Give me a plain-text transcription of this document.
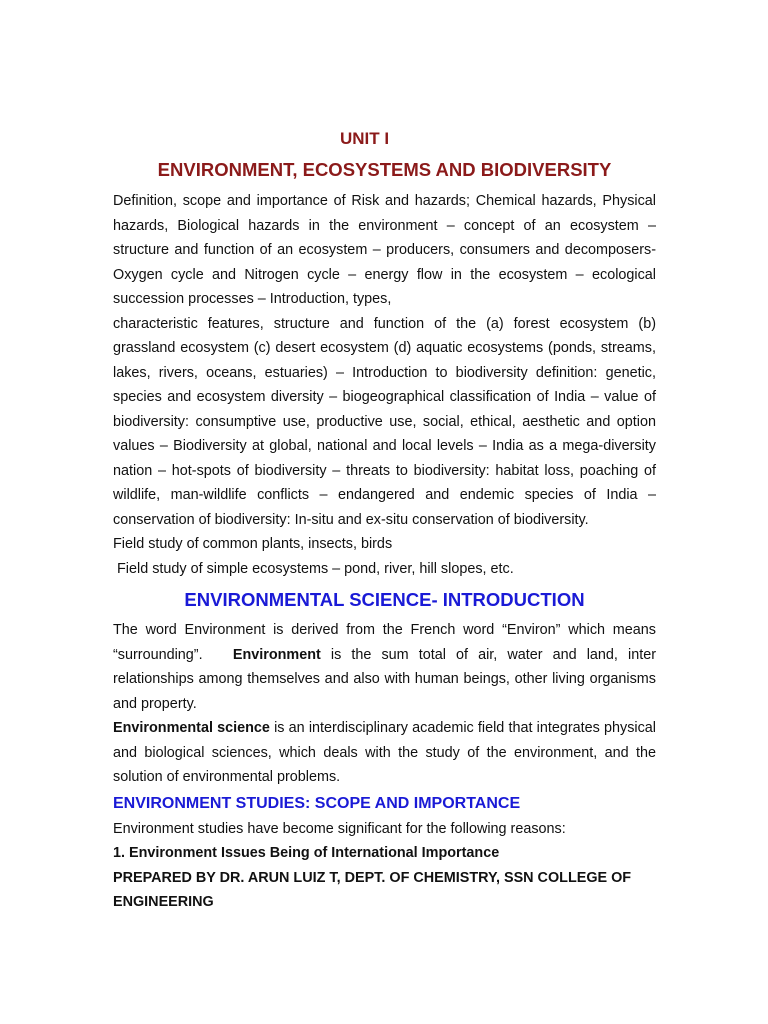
UNIT I
ENVIRONMENT, ECOSYSTEMS AND BIODIVERSITY

Definition, scope and importance of Risk and hazards; Chemical hazards, Physical hazards, Biological hazards in the environment – concept of an ecosystem – structure and function of an ecosystem – producers, consumers and decomposers-Oxygen cycle and Nitrogen cycle – energy flow in the ecosystem – ecological succession processes – Introduction, types,

characteristic features, structure and function of the (a) forest ecosystem (b) grassland ecosystem (c) desert ecosystem (d) aquatic ecosystems (ponds, streams, lakes, rivers, oceans, estuaries) – Introduction to biodiversity definition: genetic, species and ecosystem diversity – biogeographical classification of India – value of biodiversity: consumptive use, productive use, social, ethical, aesthetic and option values – Biodiversity at global, national and local levels – India as a mega-diversity nation – hot-spots of biodiversity – threats to biodiversity: habitat loss, poaching of wildlife, man-wildlife conflicts – endangered and endemic species of India – conservation of biodiversity: In-situ and ex-situ conservation of biodiversity.

Field study of common plants, insects, birds

Field study of simple ecosystems – pond, river, hill slopes, etc.

ENVIRONMENTAL SCIENCE- INTRODUCTION

The word Environment is derived from the French word “Environ” which means “surrounding”. Environment is the sum total of air, water and land, inter relationships among themselves and also with human beings, other living organisms and property.

Environmental science is an interdisciplinary academic field that integrates physical and biological sciences, which deals with the study of the environment, and the solution of environmental problems.

ENVIRONMENT STUDIES: SCOPE AND IMPORTANCE

Environment studies have become significant for the following reasons:

1. Environment Issues Being of International Importance

PREPARED BY DR. ARUN LUIZ T, DEPT. OF CHEMISTRY, SSN COLLEGE OF ENGINEERING
